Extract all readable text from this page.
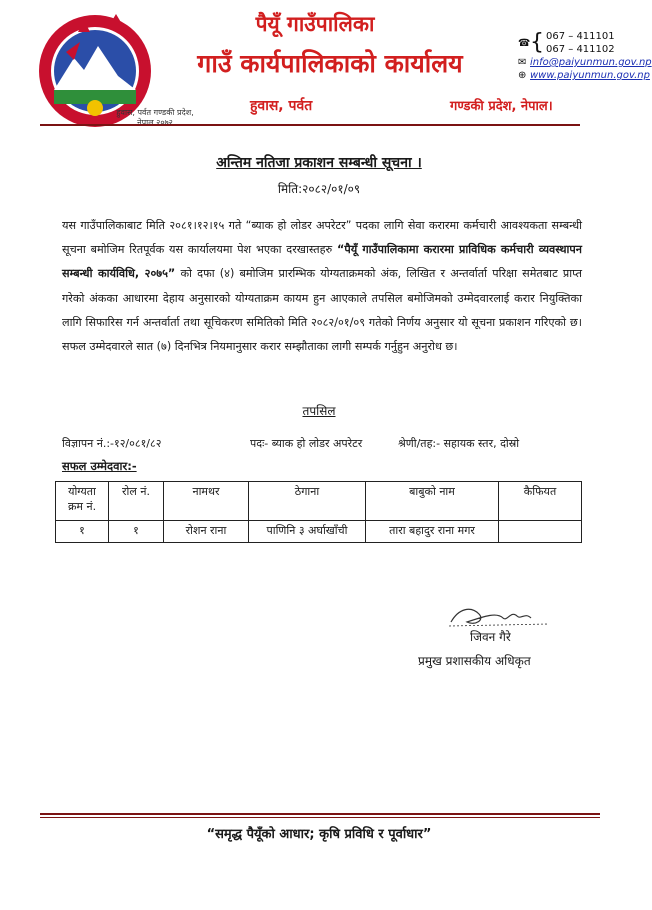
हुवास, पर्वत गण्डकी प्रदेश, नेपाल २०७२
पैयूँ गाउँपालिका
गाउँ कार्यपालिकाको कार्यालय
हुवास, पर्वत	गण्डकी प्रदेश, नेपाल।
☎ { 067 – 411101
067 – 411102
✉ info@paiyunmun.gov.np
⊕ www.paiyunmun.gov.np
अन्तिम नतिजा प्रकाशन सम्बन्धी सूचना ।
मिति:२०८२/०१/०९
यस गाउँपालिकाबाट मिति २०८१।१२।१५ गते “ब्याक हो लोडर अपरेटर” पदका लागि सेवा करारमा कर्मचारी आवश्यकता सम्बन्धी सूचना बमोजिम रितपूर्वक यस कार्यालयमा पेश भएका दरखास्तहरु “पैयूँ गाउँपालिकामा करारमा प्राविधिक कर्मचारी व्यवस्थापन सम्बन्धी कार्यविधि, २०७५” को दफा (४) बमोजिम प्रारम्भिक योग्यताक्रमको अंक, लिखित र अन्तर्वार्ता परिक्षा समेतबाट प्राप्त गरेको अंकका आधारमा देहाय अनुसारको योग्यताक्रम कायम हुन आएकाले तपसिल बमोजिमको उम्मेदवारलाई करार नियुक्तिका लागि सिफारिस गर्न अन्तर्वार्ता तथा सूचिकरण समितिको मिति २०८२/०१/०९ गतेको निर्णय अनुसार यो सूचना प्रकाशन गरिएको छ। सफल उम्मेदवारले सात (७) दिनभित्र नियमानुसार करार सम्झौताका लागी सम्पर्क गर्नुहुन अनुरोध छ।
तपसिल
विज्ञापन नं.:-१२/०८१/८२	पदः- ब्याक हो लोडर अपरेटर	श्रेणी/तह:- सहायक स्तर, दोस्रो
सफल उम्मेदवार:-
योग्यता क्रम नं.	रोल नं.	नामथर	ठेगाना	बाबुको नाम	कैफियत
१	१	रोशन राना	पाणिनि ३ अर्घाखाँची	तारा बहादुर राना मगर	
जिवन गैरे
प्रमुख प्रशासकीय अधिकृत
“समृद्ध पैयूँको आधार; कृषि प्रविधि र पूर्वाधार”
